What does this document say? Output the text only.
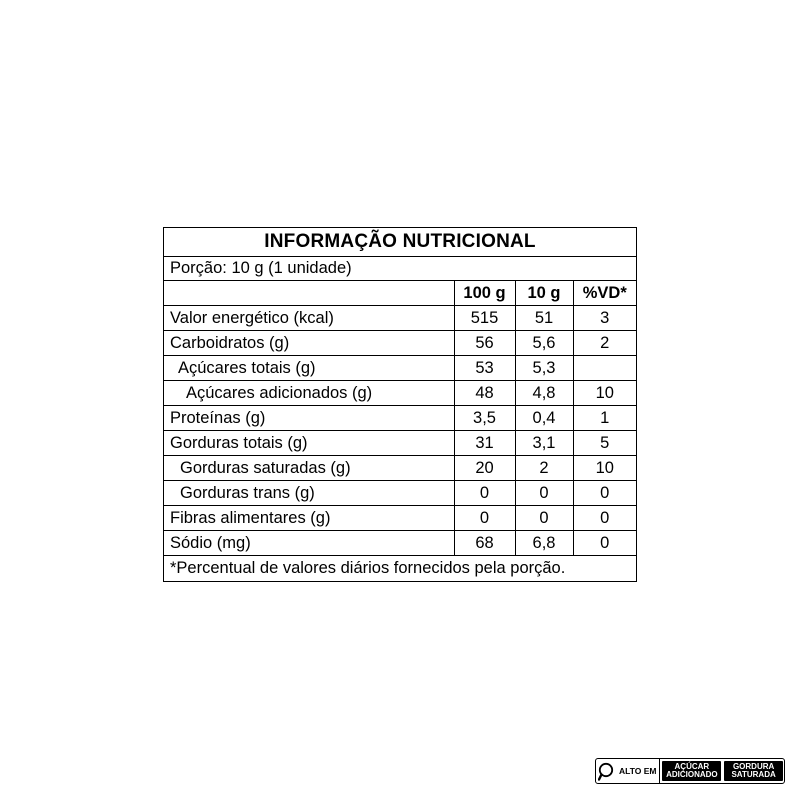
INFORMAÇÃO NUTRICIONAL
Porção: 10 g (1 unidade)
	100 g	10 g	%VD*
Valor energético (kcal)	515	51	3
Carboidratos (g)	56	5,6	2
Açúcares totais (g)	53	5,3	
Açúcares adicionados (g)	48	4,8	10
Proteínas (g)	3,5	0,4	1
Gorduras totais (g)	31	3,1	5
Gorduras saturadas (g)	20	2	10
Gorduras trans (g)	0	0	0
Fibras alimentares (g)	0	0	0
Sódio (mg)	68	6,8	0
*Percentual de valores diários fornecidos pela porção.
ALTO EM	AÇÚCAR
ADICIONADO
GORDURA
SATURADA
